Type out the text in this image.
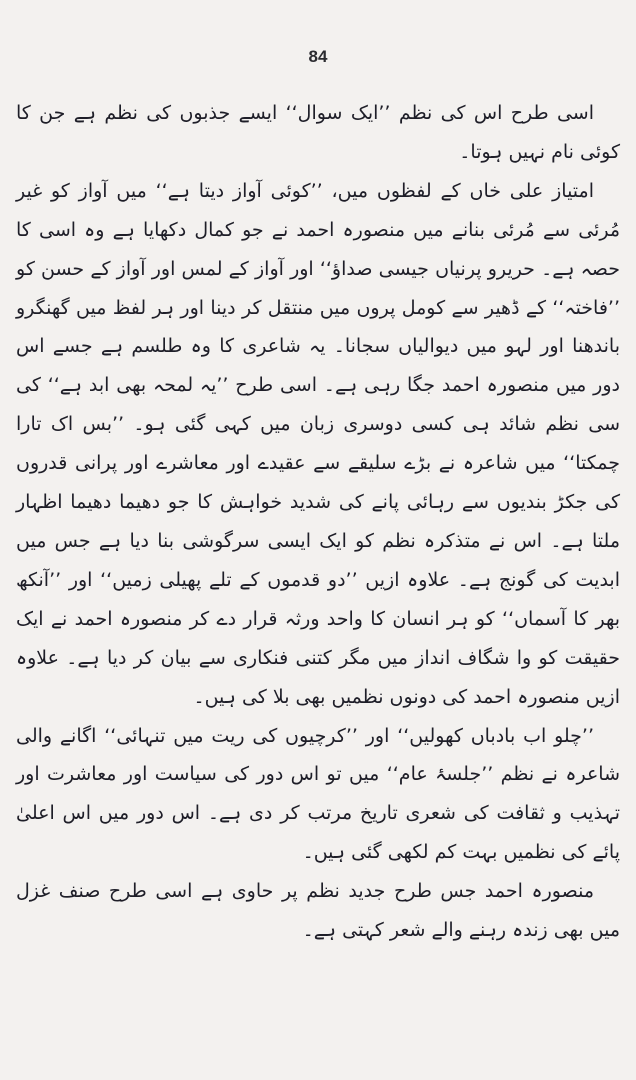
84

اسی طرح اس کی نظم ’’ایک سوال‘‘ ایسے جذبوں کی نظم ہے جن کا کوئی نام نہیں ہوتا۔

امتیاز علی خاں کے لفظوں میں، ’’کوئی آواز دیتا ہے‘‘ میں آواز کو غیر مُرئی سے مُرئی بنانے میں منصورہ احمد نے جو کمال دکھایا ہے وہ اسی کا حصہ ہے۔ حریرو پرنیاں جیسی صداؤ‘‘ اور آواز کے لمس اور آواز کے حسن کو ’’فاختہ‘‘ کے ڈھیر سے کومل پروں میں منتقل کر دینا اور ہر لفظ میں گھنگرو باندھنا اور لہو میں دیوالیاں سجانا۔ یہ شاعری کا وہ طلسم ہے جسے اس دور میں منصورہ احمد جگا رہی ہے۔ اسی طرح ’’یہ لمحہ بھی ابد ہے‘‘ کی سی نظم شائد ہی کسی دوسری زبان میں کہی گئی ہو۔ ’’بس اک تارا چمکتا‘‘ میں شاعرہ نے بڑے سلیقے سے عقیدے اور معاشرے اور پرانی قدروں کی جکڑ بندیوں سے رہائی پانے کی شدید خواہش کا جو دھیما دھیما اظہار ملتا ہے۔ اس نے متذکرہ نظم کو ایک ایسی سرگوشی بنا دیا ہے جس میں ابدیت کی گونج ہے۔ علاوہ ازیں ’’دو قدموں کے تلے پھیلی زمیں‘‘ اور ’’آنکھ بھر کا آسماں‘‘ کو ہر انسان کا واحد ورثہ قرار دے کر منصورہ احمد نے ایک حقیقت کو وا شگاف انداز میں مگر کتنی فنکاری سے بیان کر دیا ہے۔ علاوہ ازیں منصورہ احمد کی دونوں نظمیں بھی بلا کی ہیں۔

’’چلو اب بادباں کھولیں‘‘ اور ’’کرچیوں کی ریت میں تنہائی‘‘ اگانے والی شاعرہ نے نظم ’’جلسۂ عام‘‘ میں تو اس دور کی سیاست اور معاشرت اور تہذیب و ثقافت کی شعری تاریخ مرتب کر دی ہے۔ اس دور میں اس اعلیٰ پائے کی نظمیں بہت کم لکھی گئی ہیں۔

منصورہ احمد جس طرح جدید نظم پر حاوی ہے اسی طرح صنف غزل میں بھی زندہ رہنے والے شعر کہتی ہے۔
